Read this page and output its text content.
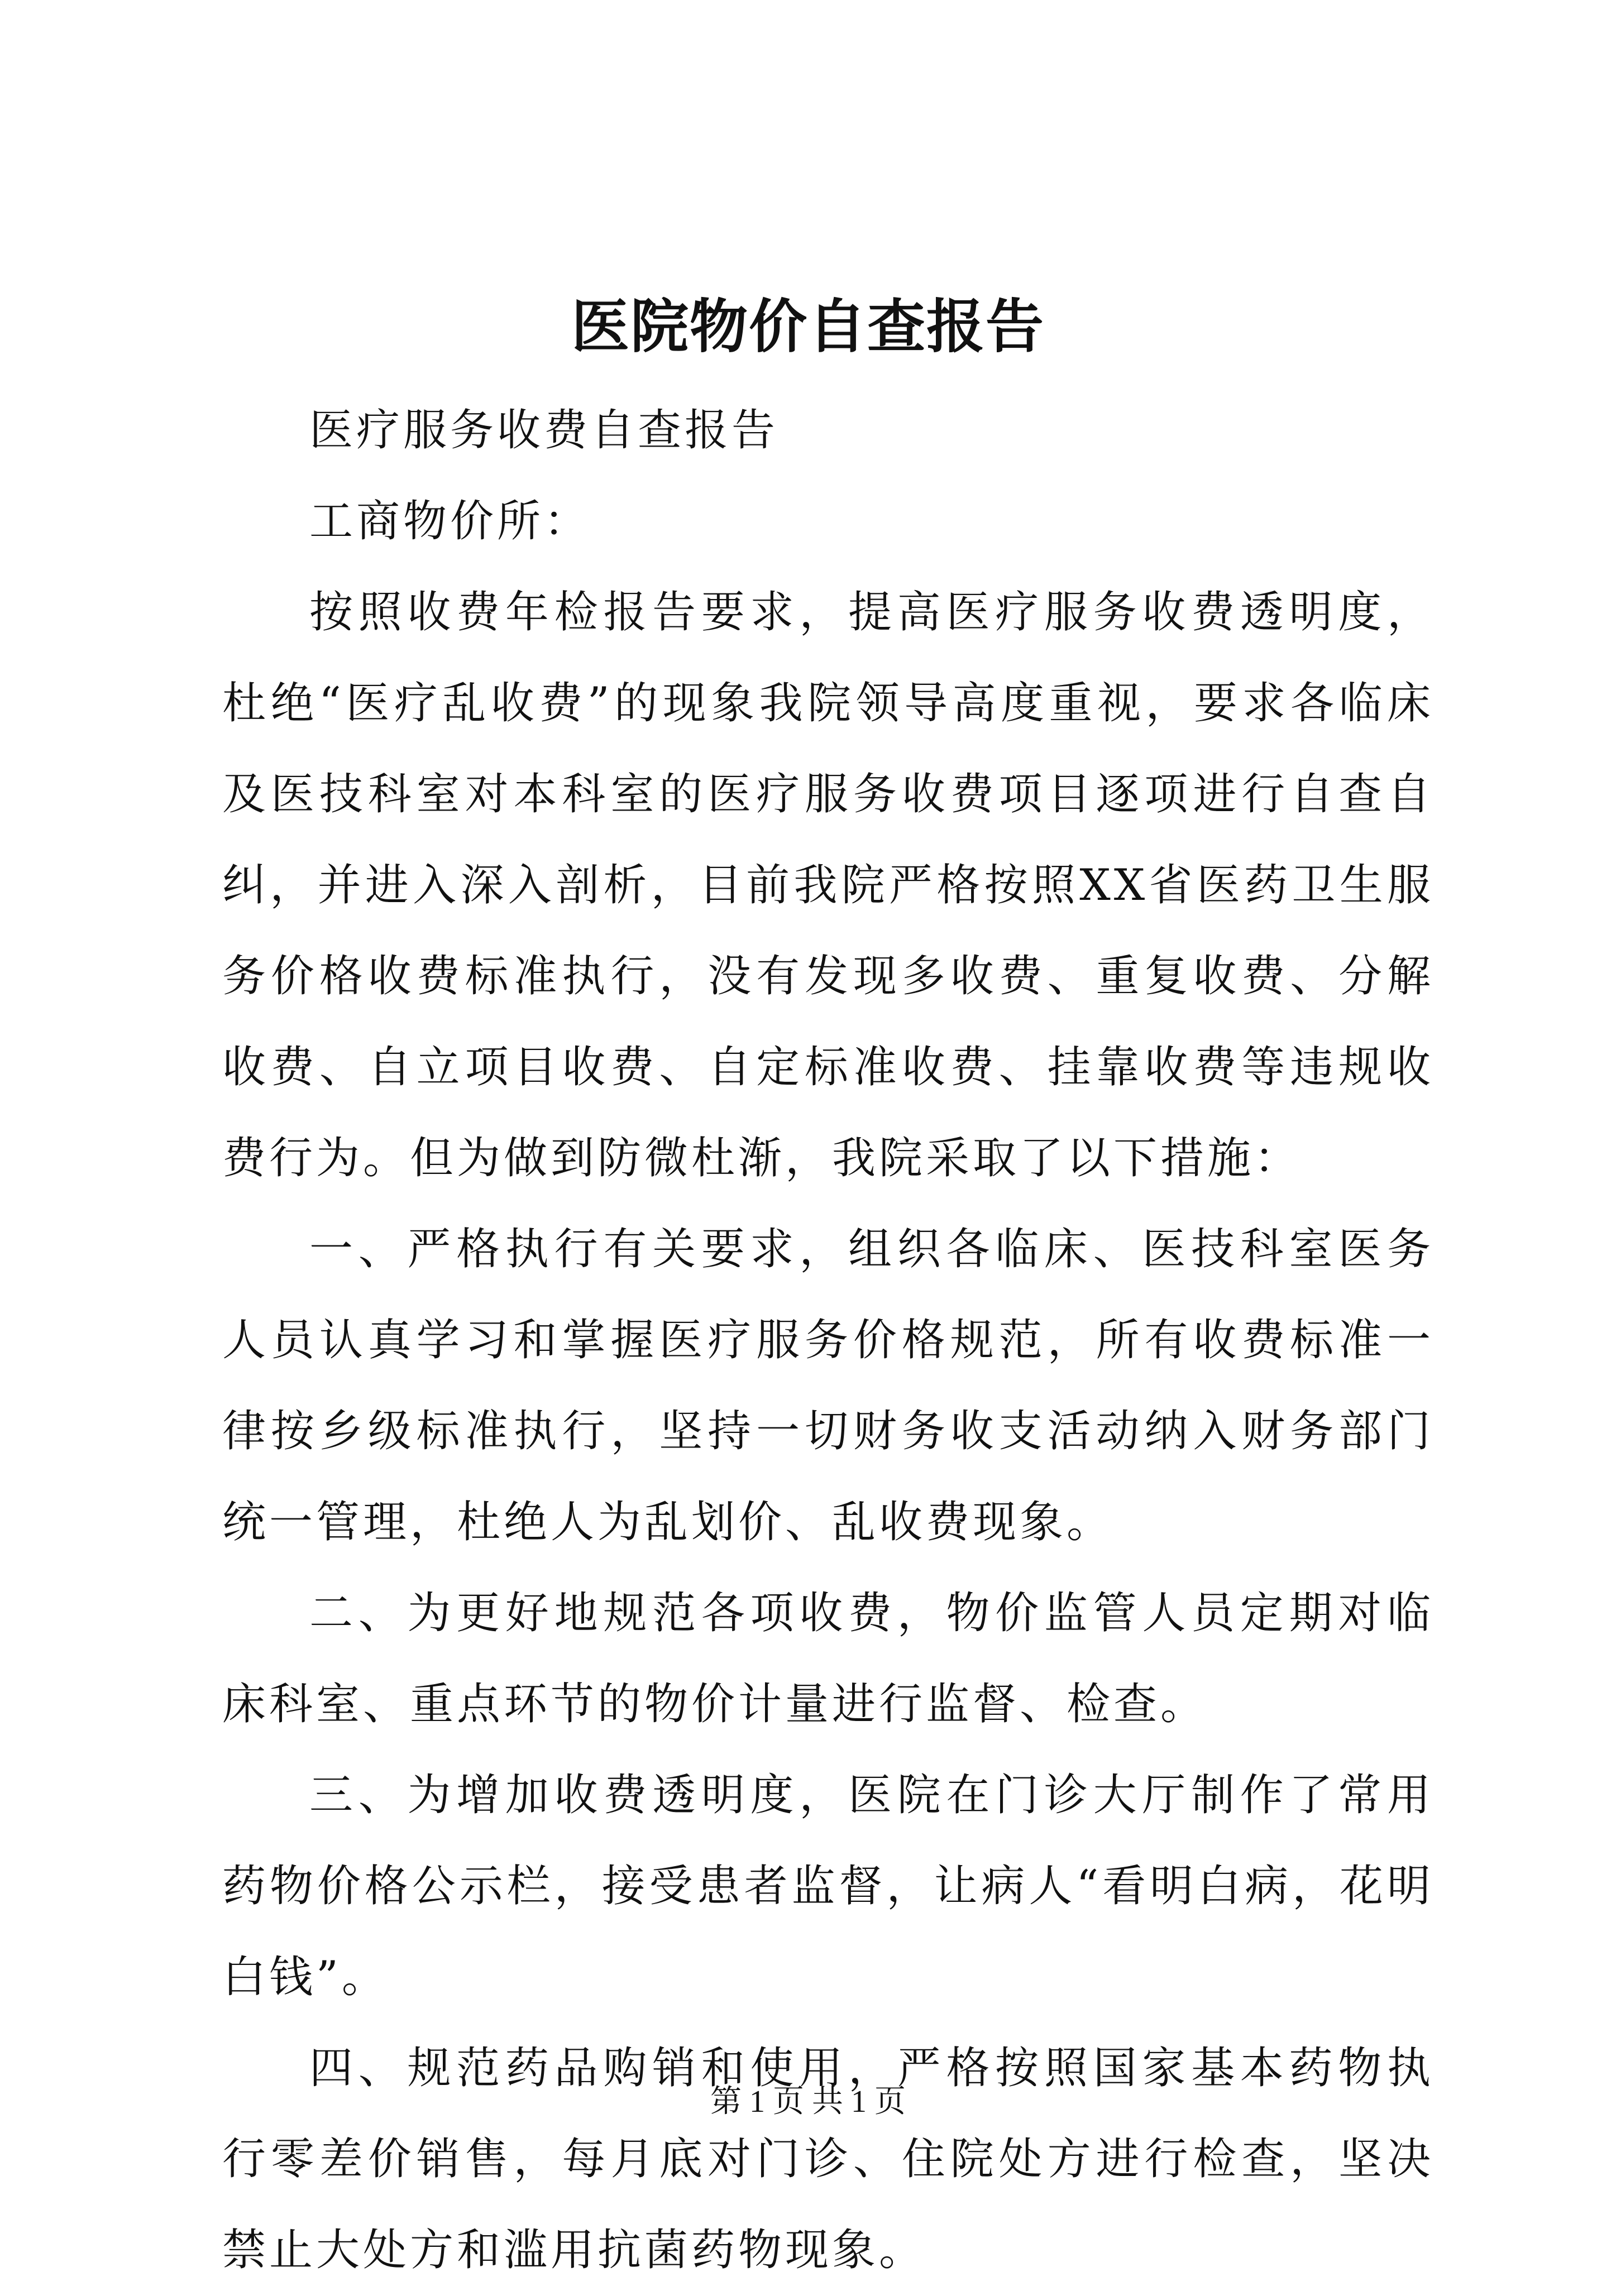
医院物价自查报告

医疗服务收费自查报告

工商物价所：

按照收费年检报告要求，提高医疗服务收费透明度，杜绝“医疗乱收费”的现象我院领导高度重视，要求各临床及医技科室对本科室的医疗服务收费项目逐项进行自查自纠，并进入深入剖析，目前我院严格按照XX省医药卫生服务价格收费标准执行，没有发现多收费、重复收费、分解收费、自立项目收费、自定标准收费、挂靠收费等违规收费行为。但为做到防微杜渐，我院采取了以下措施：

一、严格执行有关要求，组织各临床、医技科室医务人员认真学习和掌握医疗服务价格规范，所有收费标准一律按乡级标准执行，坚持一切财务收支活动纳入财务部门统一管理，杜绝人为乱划价、乱收费现象。

二、为更好地规范各项收费，物价监管人员定期对临床科室、重点环节的物价计量进行监督、检查。

三、为增加收费透明度，医院在门诊大厅制作了常用药物价格公示栏，接受患者监督，让病人“看明白病，花明白钱”。

四、规范药品购销和使用，严格按照国家基本药物执行零差价销售，每月底对门诊、住院处方进行检查，坚决禁止大处方和滥用抗菌药物现象。

第 1 页 共 1 页
